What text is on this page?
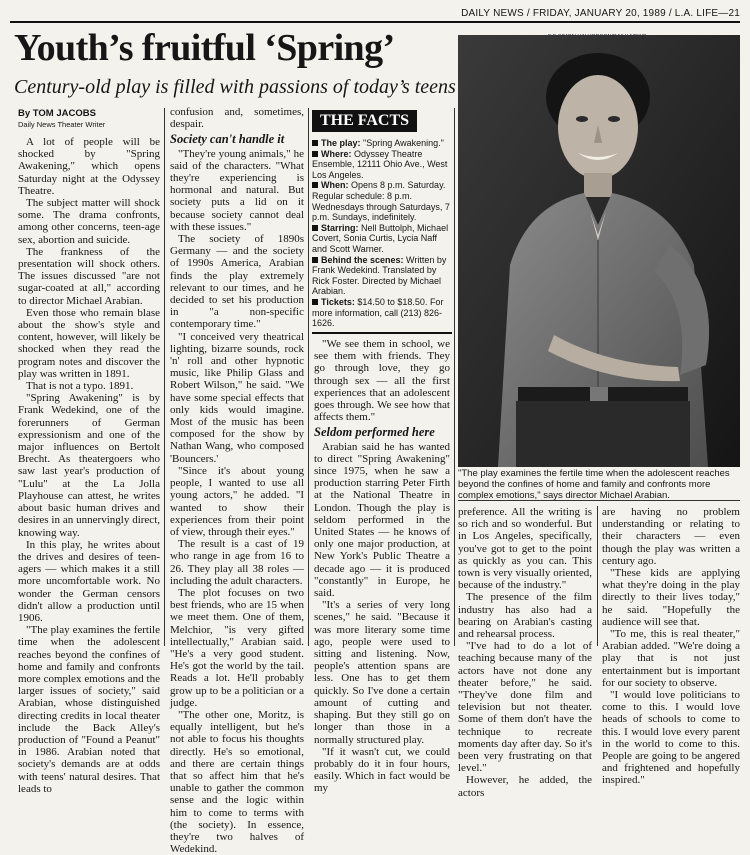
DAILY NEWS / FRIDAY, JANUARY 20, 1989 / L.A. LIFE—21
Youth’s fruitful ‘Spring’
Century-old play is filled with passions of today’s teens
By TOM JACOBS
Daily News Theater Writer

A lot of people will be shocked by "Spring Awakening," which opens Saturday night at the Odyssey Theatre.

The subject matter will shock some. The drama confronts, among other concerns, teen-age sex, abortion and suicide.

The frankness of the presentation will shock others. The issues discussed "are not sugar-coated at all," according to director Michael Arabian.

Even those who remain blase about the show's style and content, however, will likely be shocked when they read the program notes and discover the play was written in 1891.

That is not a typo. 1891.

"Spring Awakening" is by Frank Wedekind, one of the forerunners of German expressionism and one of the major influences on Bertolt Brecht. As theatergoers who saw last year's production of "Lulu" at the La Jolla Playhouse can attest, he writes about basic human drives and desires in an unnervingly direct, knowing way.

In this play, he writes about the drives and desires of teen-agers — which makes it a still more uncomfortable work. No wonder the German censors didn't allow a production until 1906.

"The play examines the fertile time when the adolescent reaches beyond the confines of home and family and confronts more complex emotions and the larger issues of society," said Arabian, whose distinguished directing credits in local theater include the Back Alley's production of "Found a Peanut" in 1986. Arabian noted that society's demands are at odds with teens' natural desires. That leads to

confusion and, sometimes, despair.

Society can't handle it

"They're young animals," he said of the characters. "What they're experiencing is hormonal and natural. But society puts a lid on it because society cannot deal with these issues."

The society of 1890s Germany — and the society of 1990s America, Arabian finds the play extremely relevant to our times, and he decided to set his production in "a non-specific contemporary time."

"I conceived very theatrical lighting, bizarre sounds, rock 'n' roll and other hypnotic music, like Philip Glass and Robert Wilson," he said. "We have some special effects that only kids would imagine. Most of the music has been composed for the show by Nathan Wang, who composed 'Bouncers.'

"Since it's about young people, I wanted to use all young actors," he added. "I wanted to show their experiences from their point of view, through their eyes."

The result is a cast of 19 who range in age from 16 to 26. They play all 38 roles — including the adult characters.

The plot focuses on two best friends, who are 15 when we meet them. One of them, Melchior, "is very gifted intellectually," Arabian said. "He's a very good student. He's got the world by the tail. Reads a lot. He'll probably grow up to be a politician or a judge.

"The other one, Moritz, is equally intelligent, but he's not able to focus his thoughts directly. He's so emotional, and there are certain things that so affect him that he's unable to gather the common sense and the logic within him to come to terms with (the society). In essence, they're two halves of Wedekind.

THE FACTS
The play: "Spring Awakening."
Where: Odyssey Theatre Ensemble, 12111 Ohio Ave., West Los Angeles.
When: Opens 8 p.m. Saturday. Regular schedule: 8 p.m. Wednesdays through Saturdays, 7 p.m. Sundays, indefinitely.
Starring: Nell Buttolph, Michael Covert, Sonia Curtis, Lycia Naff and Scott Warner.
Behind the scenes: Written by Frank Wedekind. Translated by Rick Foster. Directed by Michael Arabian.
Tickets: $14.50 to $18.50. For more information, call (213) 826-1626.

"We see them in school, we see them with friends. They go through love, they go through sex — all the first experiences that an adolescent goes through. We see how that affects them."

Seldom performed here

Arabian said he has wanted to direct "Spring Awakening" since 1975, when he saw a production starring Peter Firth at the National Theatre in London. Though the play is seldom performed in the United States — he knows of only one major production, at New York's Public Theatre a decade ago — it is produced "constantly" in Europe, he said.

"It's a series of very long scenes," he said. "Because it was more literary some time ago, people were used to sitting and listening. Now, people's attention spans are less. One has to get them quickly. So I've done a certain amount of cutting and shaping. But they still go on longer than those in a normally structured play.

"If it wasn't cut, we could probably do it in four hours, easily. Which in fact would be my

"The play examines the fertile time when the adolescent reaches beyond the confines of home and family and confronts more complex emotions," says director Michael Arabian.

preference. All the writing is so rich and so wonderful. But in Los Angeles, specifically, you've got to get to the point as quickly as you can. This town is very visually oriented, because of the industry."

The presence of the film industry has also had a bearing on Arabian's casting and rehearsal process.

"I've had to do a lot of teaching because many of the actors have not done any theater before," he said. "They've done film and television but not theater. Some of them don't have the technique to recreate moments day after day. So it's been very frustrating on that level."

However, he added, the actors

are having no problem understanding or relating to their characters — even though the play was written a century ago.

"These kids are applying what they're doing in the play directly to their lives today," he said. "Hopefully the audience will see that.

"To me, this is real theater," Arabian added. "We're doing a play that is not just entertainment but is important for our society to observe.

"I would love politicians to come to this. I would love heads of schools to come to this. I would love every parent in the world to come to this. People are going to be angered and frightened and hopefully inspired."
